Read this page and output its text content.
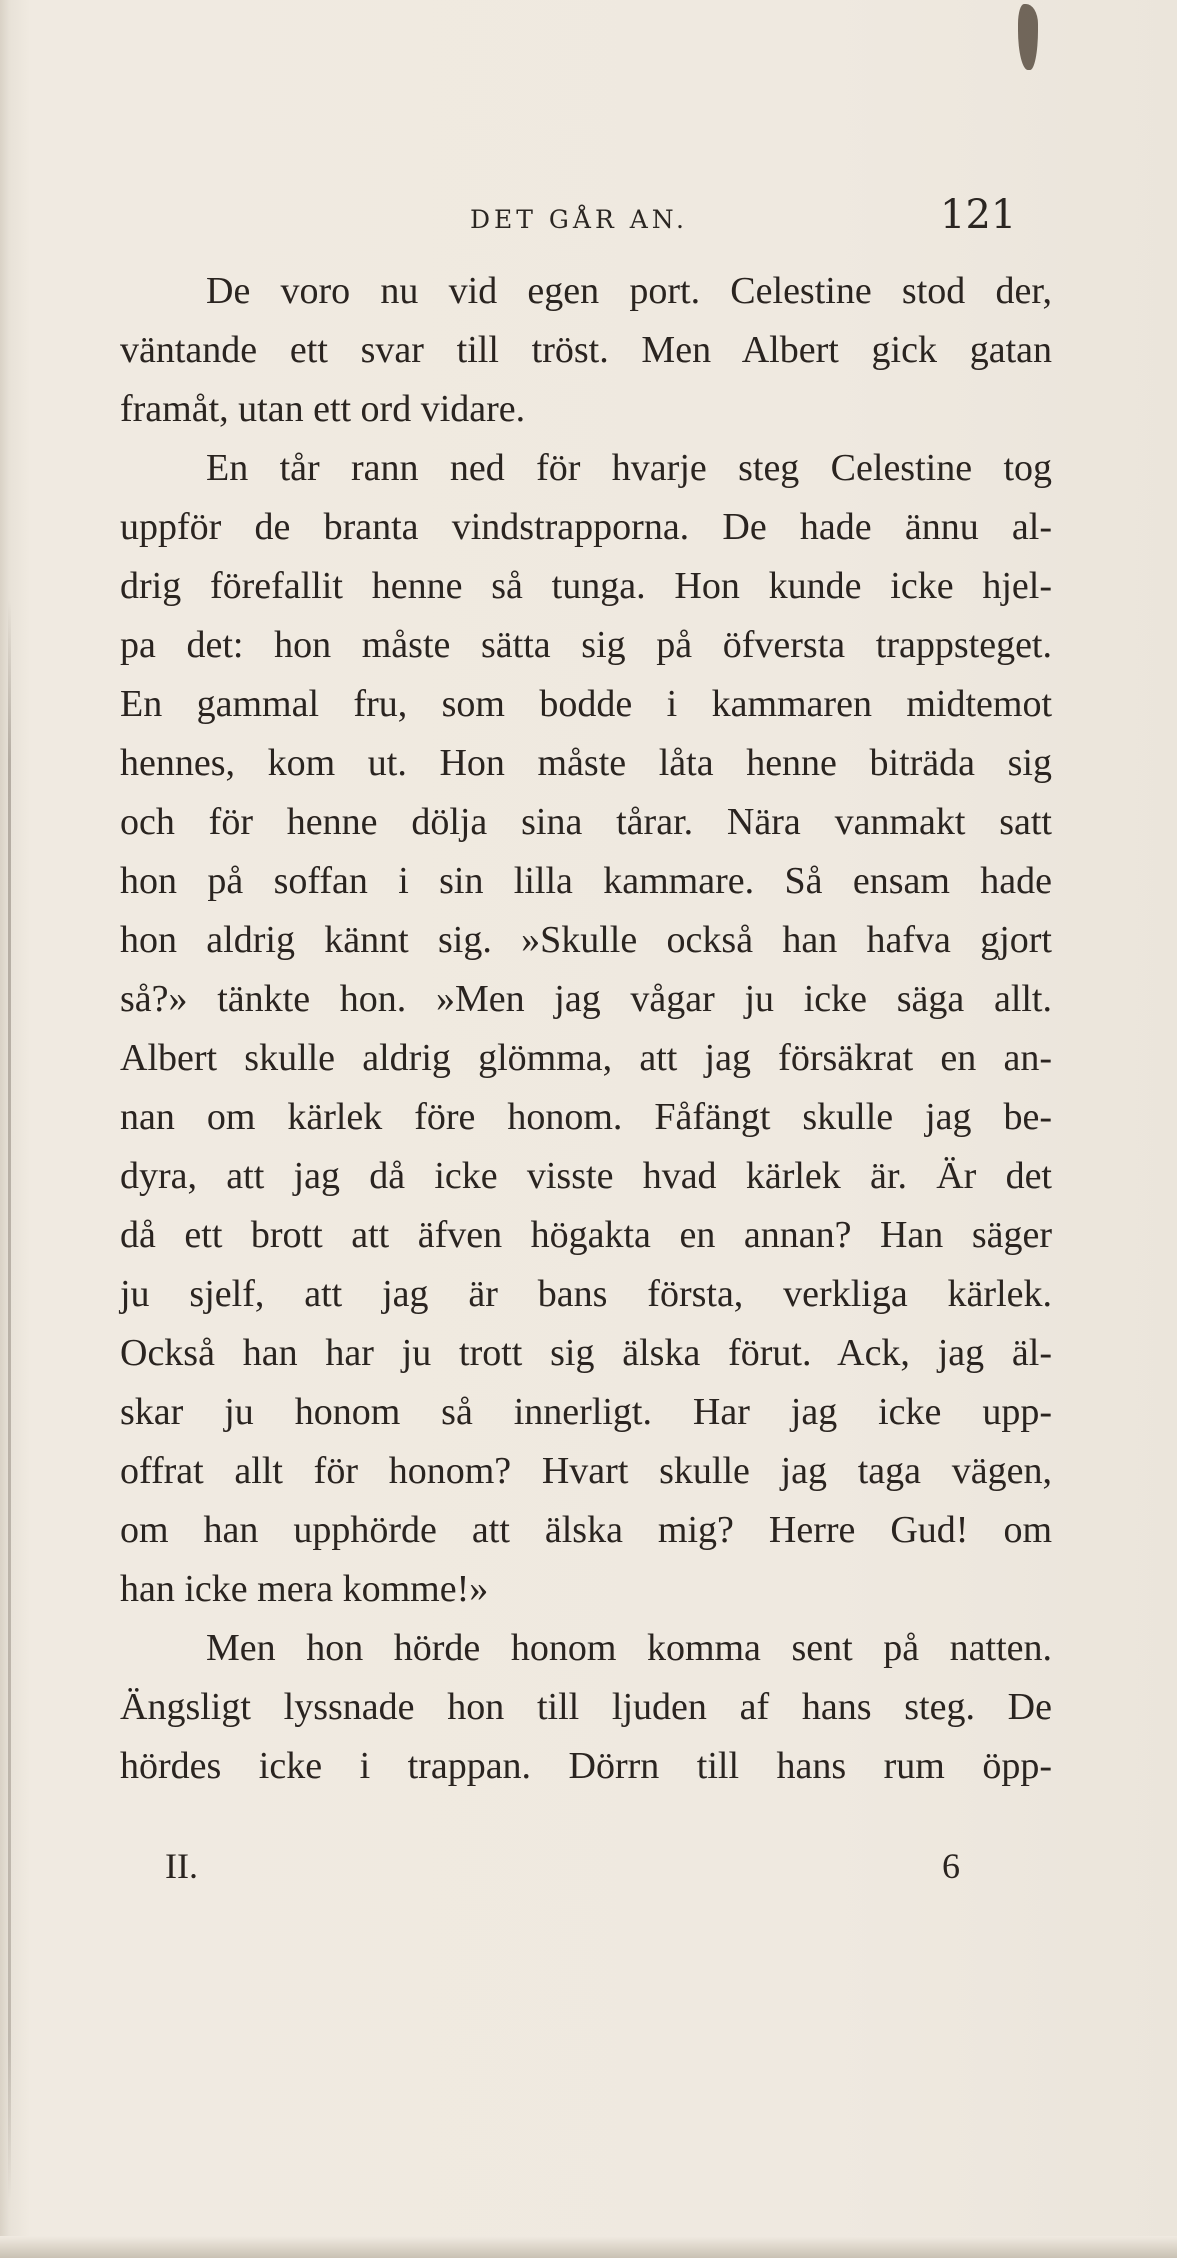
DET GÅR AN.	121
De voro nu vid egen port. Celestine stod der,
väntande ett svar till tröst. Men Albert gick gatan
framåt, utan ett ord vidare.
En tår rann ned för hvarje steg Celestine tog
uppför de branta vindstrapporna. De hade ännu al-
drig förefallit henne så tunga. Hon kunde icke hjel-
pa det: hon måste sätta sig på öfversta trappsteget.
En gammal fru, som bodde i kammaren midtemot
hennes, kom ut. Hon måste låta henne biträda sig
och för henne dölja sina tårar. Nära vanmakt satt
hon på soffan i sin lilla kammare. Så ensam hade
hon aldrig kännt sig. »Skulle också han hafva gjort
så?» tänkte hon. »Men jag vågar ju icke säga allt.
Albert skulle aldrig glömma, att jag försäkrat en an-
nan om kärlek före honom. Fåfängt skulle jag be-
dyra, att jag då icke visste hvad kärlek är. Är det
då ett brott att äfven högakta en annan? Han säger
ju sjelf, att jag är bans första, verkliga kärlek.
Också han har ju trott sig älska förut. Ack, jag äl-
skar ju honom så innerligt. Har jag icke upp-
offrat allt för honom? Hvart skulle jag taga vägen,
om han upphörde att älska mig? Herre Gud! om
han icke mera komme!»
Men hon hörde honom komma sent på natten.
Ängsligt lyssnade hon till ljuden af hans steg. De
hördes icke i trappan. Dörrn till hans rum öpp-
II.	6
